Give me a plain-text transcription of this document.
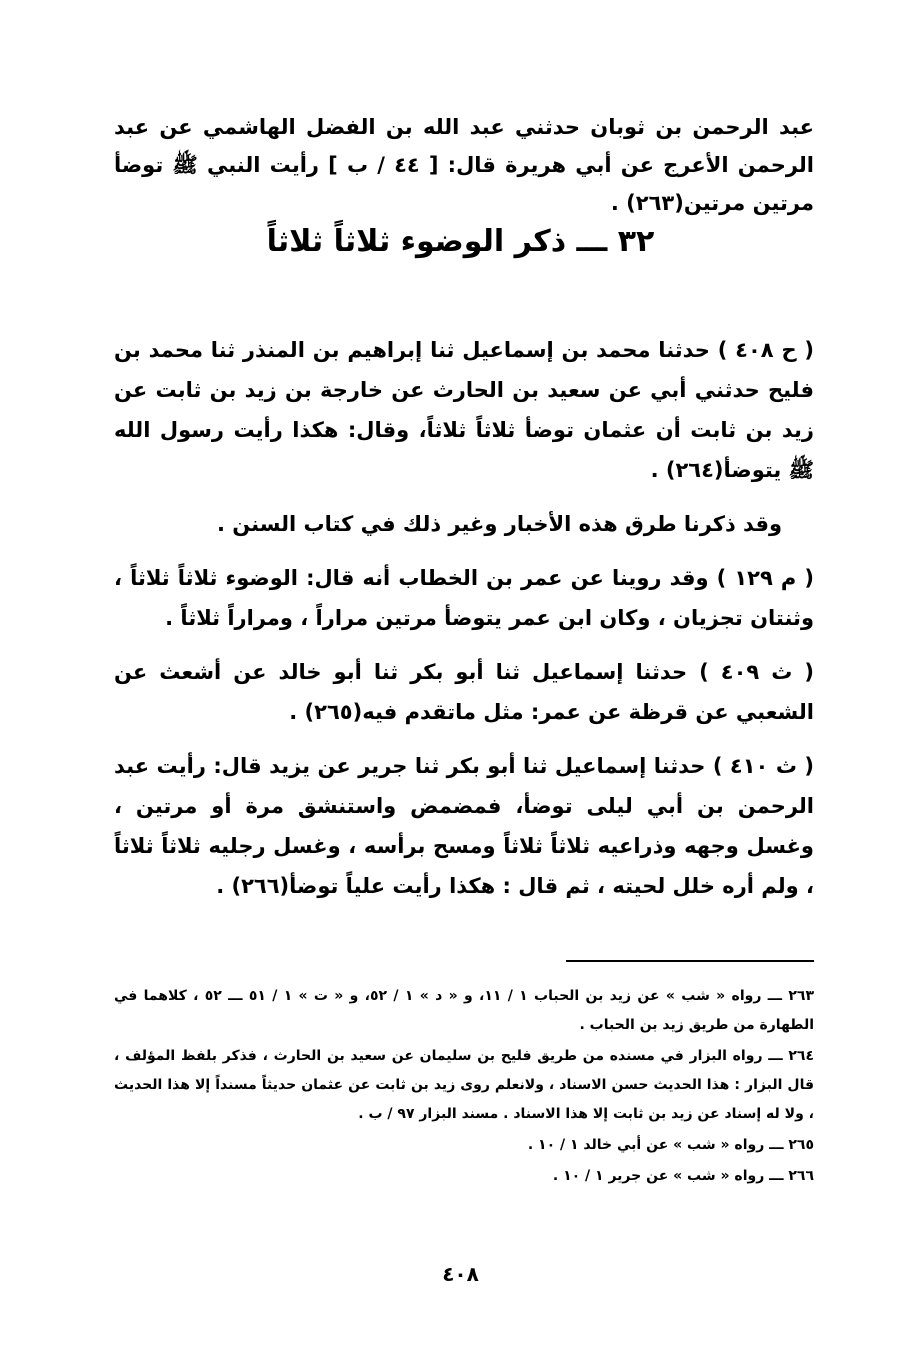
عبد الرحمن بن ثوبان حدثني عبد الله بن الفضل الهاشمي عن عبد الرحمن الأعرج عن أبي هريرة قال: [ ٤٤ / ب ] رأيت النبي ﷺ توضأ مرتين مرتين(٢٦٣) .
٣٢ ـــ ذكر الوضوء ثلاثاً ثلاثاً

( ح ٤٠٨ ) حدثنا محمد بن إسماعيل ثنا إبراهيم بن المنذر ثنا محمد بن فليح حدثني أبي عن سعيد بن الحارث عن خارجة بن زيد بن ثابت عن زيد بن ثابت أن عثمان توضأ ثلاثاً ثلاثاً، وقال: هكذا رأيت رسول الله ﷺ يتوضأ(٢٦٤) .

وقد ذكرنا طرق هذه الأخبار وغير ذلك في كتاب السنن .

( م ١٢٩ ) وقد روينا عن عمر بن الخطاب أنه قال: الوضوء ثلاثاً ثلاثاً ، وثنتان تجزيان ، وكان ابن عمر يتوضأ مرتين مراراً ، ومراراً ثلاثاً .

( ث ٤٠٩ ) حدثنا إسماعيل ثنا أبو بكر ثنا أبو خالد عن أشعث عن الشعبي عن قرظة عن عمر: مثل ماتقدم فيه(٢٦٥) .

( ث ٤١٠ ) حدثنا إسماعيل ثنا أبو بكر ثنا جرير عن يزيد قال: رأيت عبد الرحمن بن أبي ليلى توضأ، فمضمض واستنشق مرة أو مرتين ، وغسل وجهه وذراعيه ثلاثاً ثلاثاً ومسح برأسه ، وغسل رجليه ثلاثاً ثلاثاً ، ولم أره خلل لحيته ، ثم قال : هكذا رأيت علياً توضأ(٢٦٦) .

٢٦٣ ـــ رواه « شب » عن زيد بن الحباب ١ / ١١، و « د » ١ / ٥٢، و « ت » ١ / ٥١ ـــ ٥٢ ، كلاهما في الطهارة من طريق زيد بن الحباب .

٢٦٤ ـــ رواه البزار في مسنده من طريق فليح بن سليمان عن سعيد بن الحارث ، فذكر بلفظ المؤلف ، قال البزار : هذا الحديث حسن الاسناد ، ولانعلم روى زيد بن ثابت عن عثمان حديثاً مسنداً إلا هذا الحديث ، ولا له إسناد عن زيد بن ثابت إلا هذا الاسناد . مسند البزار ٩٧ / ب .

٢٦٥ ـــ رواه « شب » عن أبي خالد ١ / ١٠ .

٢٦٦ ـــ رواه « شب » عن جرير ١ / ١٠ .

٤٠٨
